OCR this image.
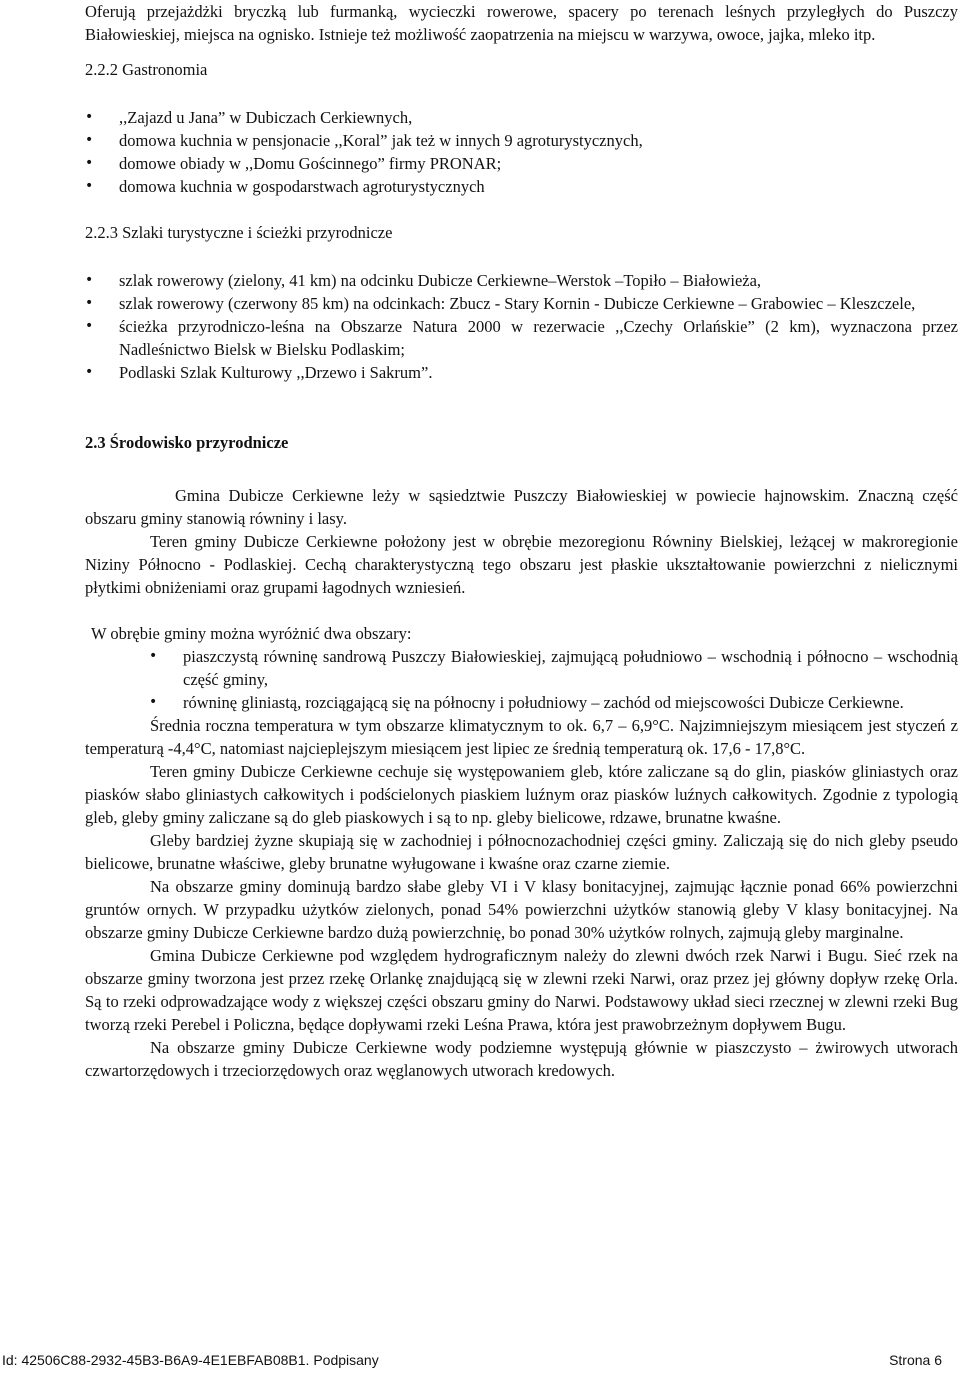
Oferują przejażdżki bryczką lub furmanką, wycieczki rowerowe, spacery po terenach leśnych przyległych do Puszczy Białowieskiej, miejsca na ognisko. Istnieje też możliwość zaopatrzenia na miejscu w warzywa, owoce, jajka, mleko itp.

2.2.2 Gastronomia

• ,,Zajazd u Jana” w Dubiczach Cerkiewnych,

• domowa kuchnia w pensjonacie ,,Koral” jak też w innych 9 agroturystycznych,

• domowe obiady w ,,Domu Gościnnego” firmy PRONAR;

• domowa kuchnia w gospodarstwach agroturystycznych

2.2.3 Szlaki turystyczne i ścieżki przyrodnicze

• szlak rowerowy (zielony, 41 km) na odcinku Dubicze Cerkiewne–Werstok –Topiło – Białowieża,

• szlak rowerowy (czerwony 85 km) na odcinkach: Zbucz - Stary Kornin - Dubicze Cerkiewne – Grabowiec – Kleszczele,

• ścieżka przyrodniczo-leśna na Obszarze Natura 2000 w rezerwacie ,,Czechy Orlańskie” (2 km), wyznaczona przez Nadleśnictwo Bielsk w Bielsku Podlaskim;

• Podlaski Szlak Kulturowy ,,Drzewo i Sakrum”.

2.3 Środowisko przyrodnicze

Gmina Dubicze Cerkiewne leży w sąsiedztwie Puszczy Białowieskiej w powiecie hajnowskim. Znaczną część obszaru gminy stanowią równiny i lasy.

Teren gminy Dubicze Cerkiewne położony jest w obrębie mezoregionu Równiny Bielskiej, leżącej w makroregionie Niziny Północno - Podlaskiej. Cechą charakterystyczną tego obszaru jest płaskie ukształtowanie powierzchni z nielicznymi płytkimi obniżeniami oraz grupami łagodnych wzniesień.

W obrębie gminy można wyróżnić dwa obszary:

• piaszczystą równinę sandrową Puszczy Białowieskiej, zajmującą południowo – wschodnią i północno – wschodnią część gminy,

• równinę gliniastą, rozciągającą się na północny i południowy – zachód od miejscowości Dubicze Cerkiewne.

Średnia roczna temperatura w tym obszarze klimatycznym to ok. 6,7 – 6,9°C. Najzimniejszym miesiącem jest styczeń z temperaturą -4,4°C, natomiast najcieplejszym miesiącem jest lipiec ze średnią temperaturą ok. 17,6 - 17,8°C.

Teren gminy Dubicze Cerkiewne cechuje się występowaniem gleb, które zaliczane są do glin, piasków gliniastych oraz piasków słabo gliniastych całkowitych i podścielonych piaskiem luźnym oraz piasków luźnych całkowitych. Zgodnie z typologią gleb, gleby gminy zaliczane są do gleb piaskowych i są to np. gleby bielicowe, rdzawe, brunatne kwaśne.

Gleby bardziej żyzne skupiają się w zachodniej i północnozachodniej części gminy. Zaliczają się do nich gleby pseudo bielicowe, brunatne właściwe, gleby brunatne wyługowane i kwaśne oraz czarne ziemie.

Na obszarze gminy dominują bardzo słabe gleby VI i V klasy bonitacyjnej, zajmując łącznie ponad 66% powierzchni gruntów ornych. W przypadku użytków zielonych, ponad 54% powierzchni użytków stanowią gleby V klasy bonitacyjnej. Na obszarze gminy Dubicze Cerkiewne bardzo dużą powierzchnię, bo ponad 30% użytków rolnych, zajmują gleby marginalne.

Gmina Dubicze Cerkiewne pod względem hydrograficznym należy do zlewni dwóch rzek Narwi i Bugu. Sieć rzek na obszarze gminy tworzona jest przez rzekę Orlankę znajdującą się w zlewni rzeki Narwi, oraz przez jej główny dopływ rzekę Orla. Są to rzeki odprowadzające wody z większej części obszaru gminy do Narwi. Podstawowy układ sieci rzecznej w zlewni rzeki Bug tworzą rzeki Perebel i Policzna, będące dopływami rzeki Leśna Prawa, która jest prawobrzeżnym dopływem Bugu.

Na obszarze gminy Dubicze Cerkiewne wody podziemne występują głównie w piaszczysto – żwirowych utworach czwartorzędowych i trzeciorzędowych oraz węglanowych utworach kredowych.

Id: 42506C88-2932-45B3-B6A9-4E1EBFAB08B1. Podpisany	Strona 6
